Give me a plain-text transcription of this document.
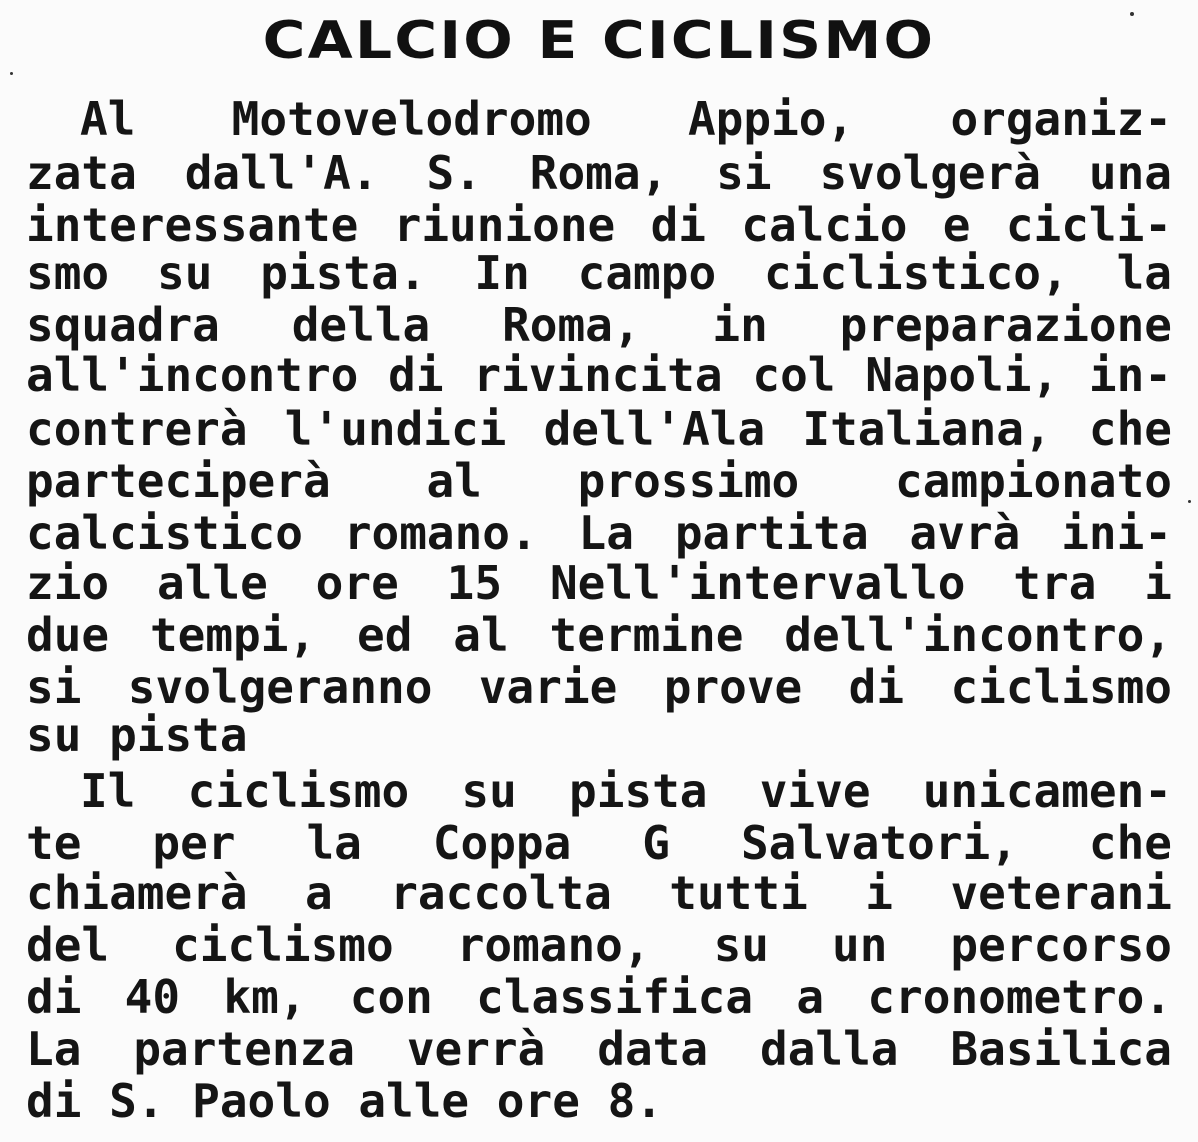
CALCIO E CICLISMO
Al Motovelodromo Appio, organiz-
zata dall'A. S. Roma, si svolgerà una
interessante riunione di calcio e cicli-
smo su pista. In campo ciclistico, la
squadra della Roma, in preparazione
all'incontro di rivincita col Napoli, in-
contrerà l'undici dell'Ala Italiana, che
parteciperà al prossimo campionato
calcistico romano. La partita avrà ini-
zio alle ore 15 Nell'intervallo tra i
due tempi, ed al termine dell'incontro,
si svolgeranno varie prove di ciclismo
su pista
Il ciclismo su pista vive unicamen-
te per la Coppa G Salvatori, che
chiamerà a raccolta tutti i veterani
del ciclismo romano, su un percorso
di 40 km, con classifica a cronometro.
La partenza verrà data dalla Basilica
di S. Paolo alle ore 8.
